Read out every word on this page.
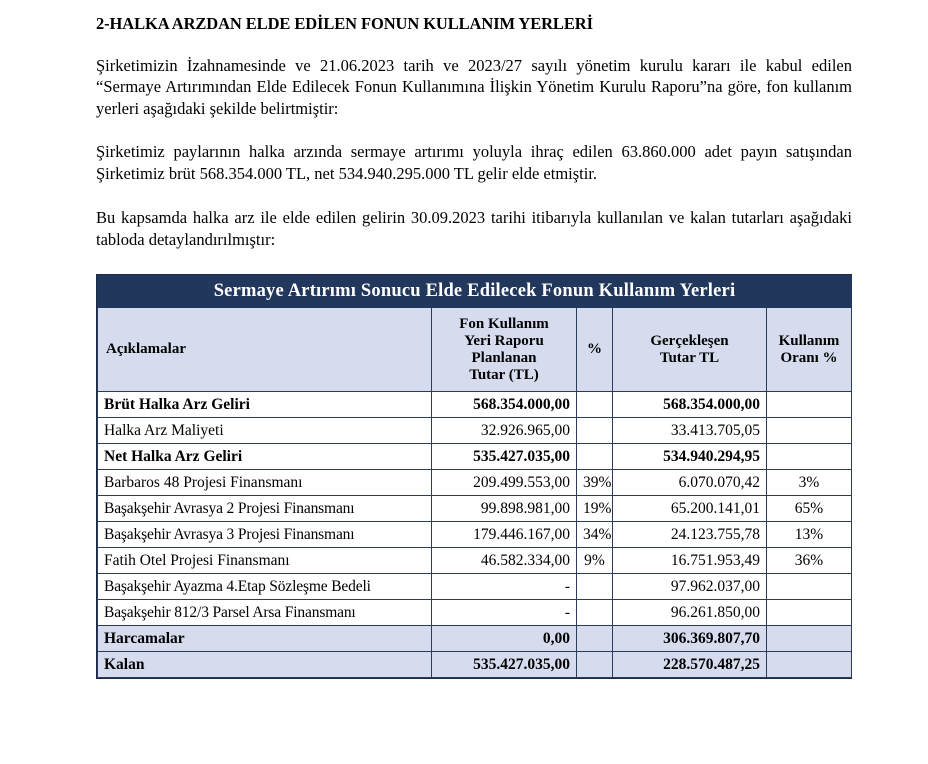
2-HALKA ARZDAN ELDE EDİLEN FONUN KULLANIM YERLERİ

Şirketimizin İzahnamesinde ve 21.06.2023 tarih ve 2023/27 sayılı yönetim kurulu kararı ile kabul edilen “Sermaye Artırımından Elde Edilecek Fonun Kullanımına İlişkin Yönetim Kurulu Raporu”na göre, fon kullanım yerleri aşağıdaki şekilde belirtmiştir:

Şirketimiz paylarının halka arzında sermaye artırımı yoluyla ihraç edilen 63.860.000 adet payın satışından Şirketimiz brüt 568.354.000 TL, net 534.940.295.000 TL gelir elde etmiştir.

Bu kapsamda halka arz ile elde edilen gelirin 30.09.2023 tarihi itibarıyla kullanılan ve kalan tutarları aşağıdaki tabloda detaylandırılmıştır:

Sermaye Artırımı Sonucu Elde Edilecek Fonun Kullanım Yerleri				
Açıklamalar	Fon Kullanım
Yeri Raporu
Planlanan
Tutar (TL)	%	Gerçekleşen
Tutar TL	Kullanım
Oranı %
Brüt Halka Arz Geliri	568.354.000,00		568.354.000,00	
Halka Arz Maliyeti	32.926.965,00		33.413.705,05	
Net Halka Arz Geliri	535.427.035,00		534.940.294,95	
Barbaros 48 Projesi Finansmanı	209.499.553,00	39%	6.070.070,42	3%
Başakşehir Avrasya 2 Projesi Finansmanı	99.898.981,00	19%	65.200.141,01	65%
Başakşehir Avrasya 3 Projesi Finansmanı	179.446.167,00	34%	24.123.755,78	13%
Fatih Otel Projesi Finansmanı	46.582.334,00	9%	16.751.953,49	36%
Başakşehir Ayazma 4.Etap Sözleşme Bedeli	-		97.962.037,00	
Başakşehir 812/3 Parsel Arsa Finansmanı	-		96.261.850,00	
Harcamalar	0,00		306.369.807,70	
Kalan	535.427.035,00		228.570.487,25	
